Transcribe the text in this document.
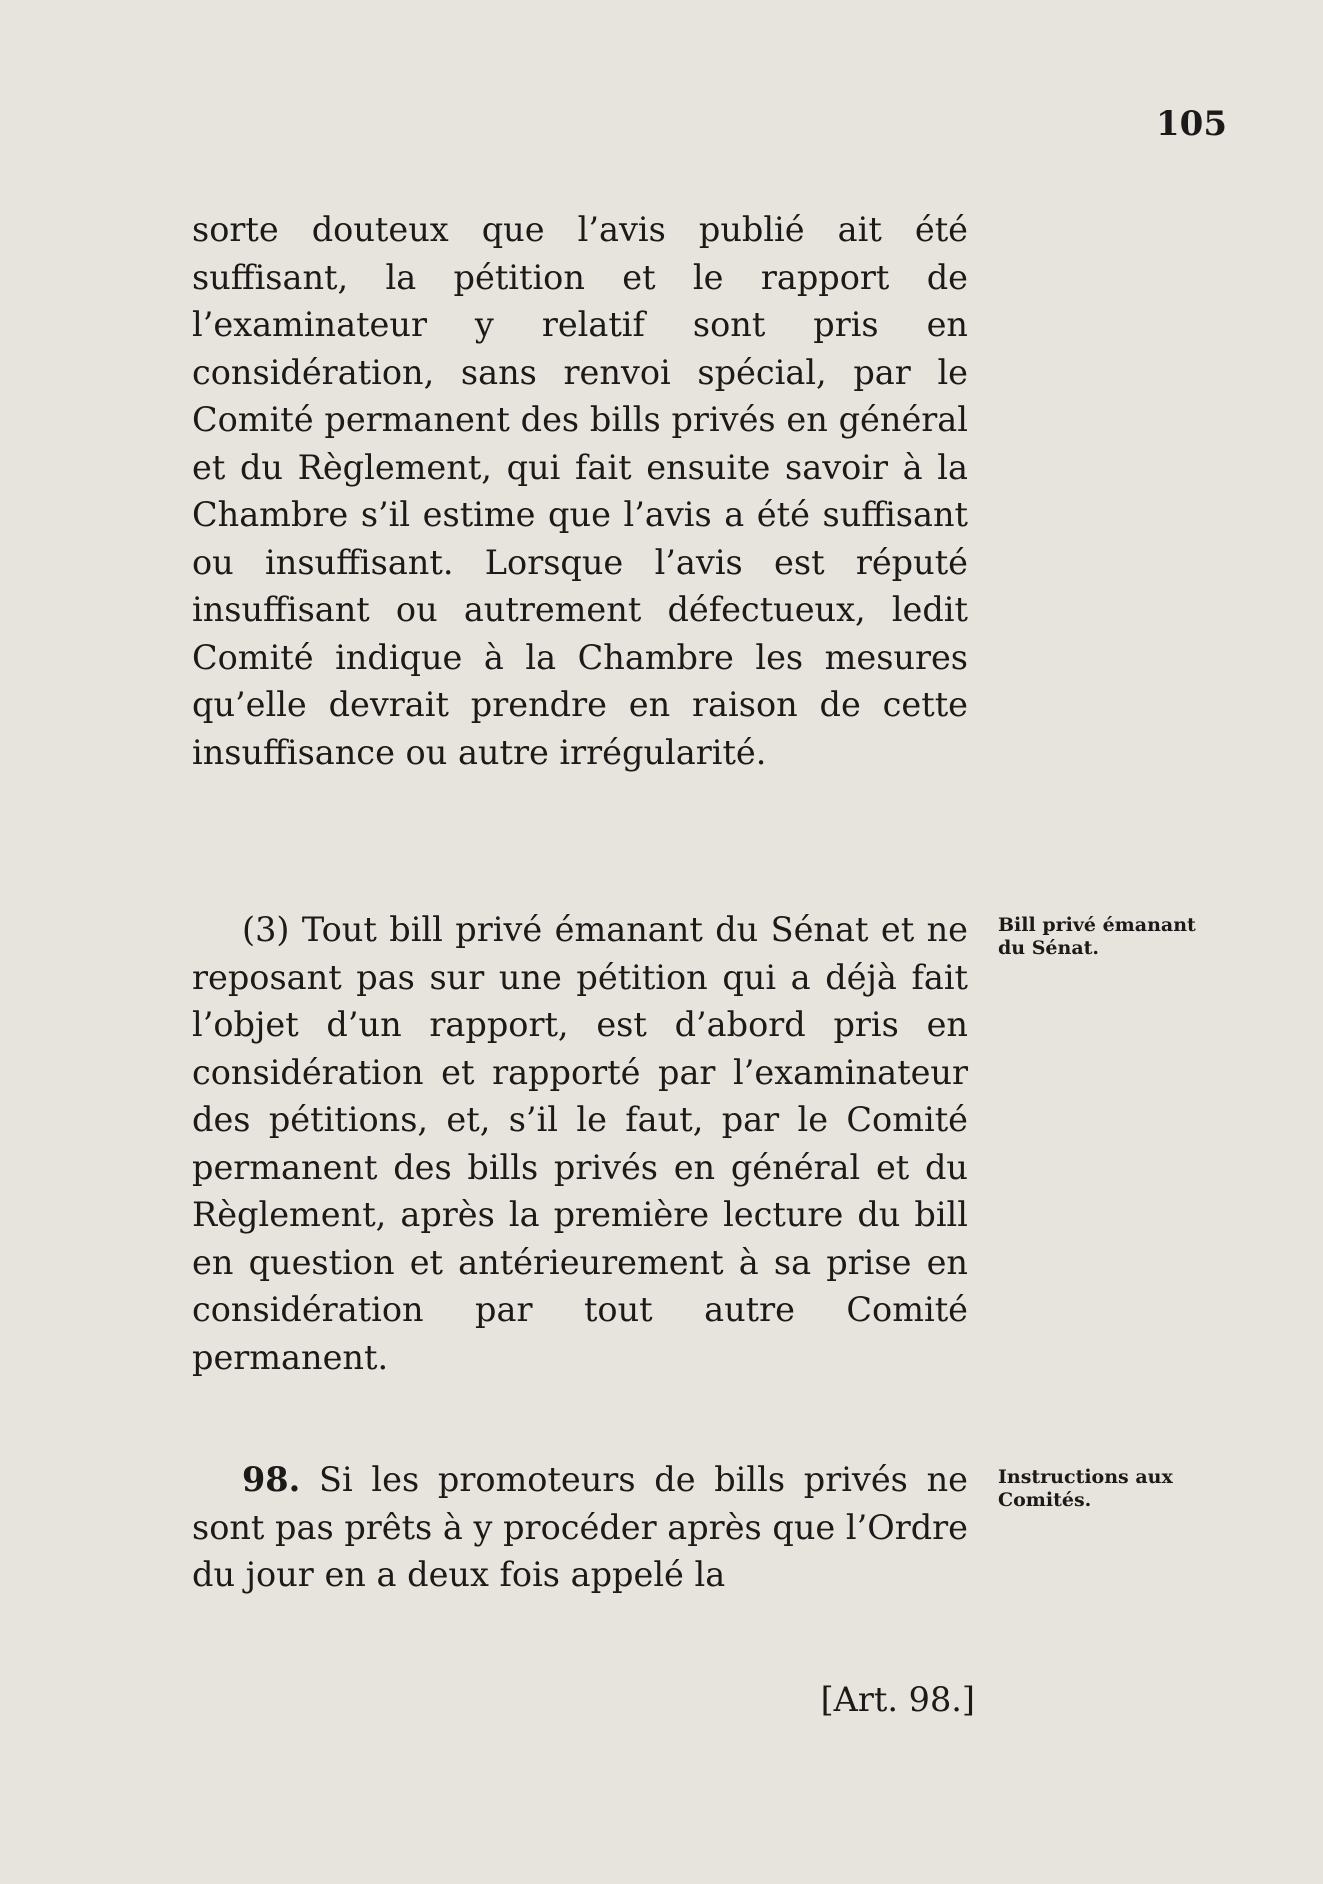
105

sorte douteux que l’avis publié ait été suffisant, la pétition et le rapport de l’examinateur y relatif sont pris en considération, sans renvoi spécial, par le Comité permanent des bills privés en général et du Règlement, qui fait ensuite savoir à la Chambre s’il estime que l’avis a été suffisant ou insuffisant. Lorsque l’avis est réputé insuffisant ou autrement défectueux, ledit Comité indique à la Chambre les mesures qu’elle devrait prendre en raison de cette insuffisance ou autre irrégularité.

(3) Tout bill privé émanant du Sénat et ne reposant pas sur une pétition qui a déjà fait l’objet d’un rapport, est d’abord pris en considération et rapporté par l’examinateur des pétitions, et, s’il le faut, par le Comité permanent des bills privés en général et du Règlement, après la première lecture du bill en question et antérieurement à sa prise en considération par tout autre Comité permanent.

98. Si les promoteurs de bills privés ne sont pas prêts à y procéder après que l’Ordre du jour en a deux fois appelé la

Bill privé émanant du Sénat.
Instructions aux Comités.
[Art. 98.]
